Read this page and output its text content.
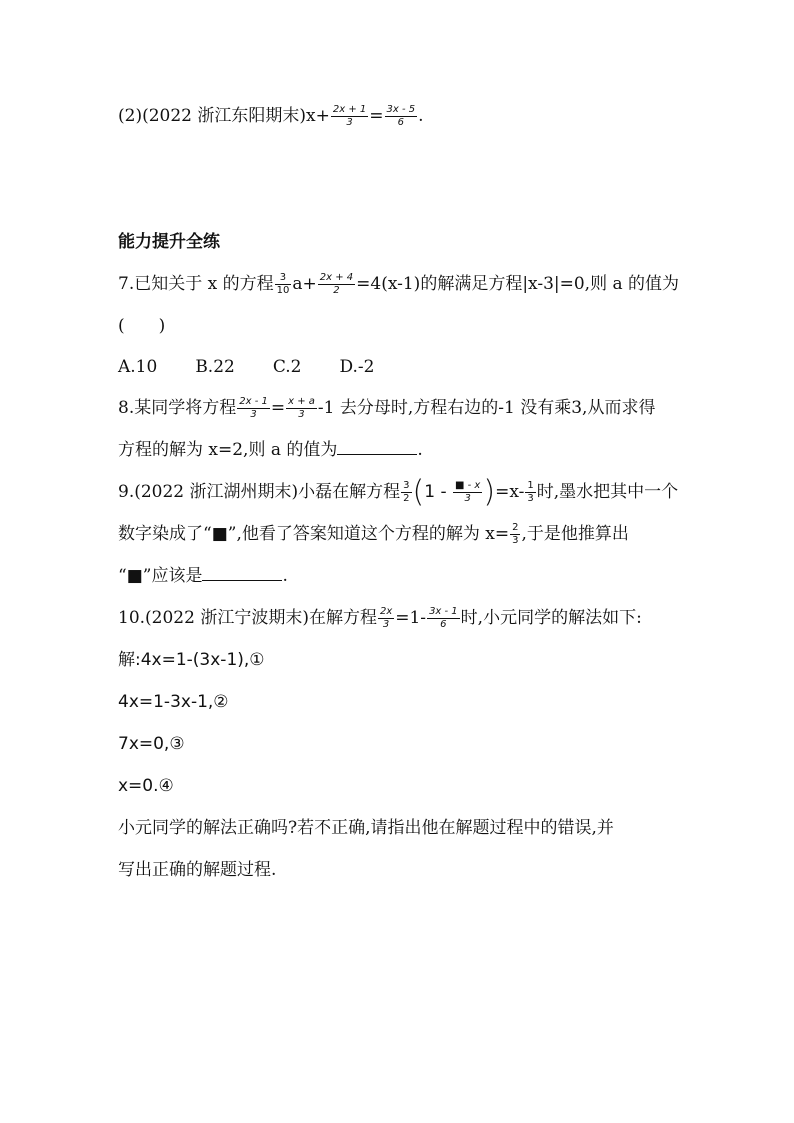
(2)(2022 浙江东阳期末)$x+ \frac{2x + 1}{3} = \frac{3x - 5}{6}$ .
能力提升全练
7.已知关于 x 的方程 $\frac{3}{10} a+ \frac{2x + 4}{2} =4(x-1)$的解满足方程|x-3|=0,则 a 的值为
(　　)
A.10 B.22 C.2 D.-2
8.某同学将方程 $\frac{2x - 1}{3} = \frac{x + a}{3} -1$ 去分母时,方程右边的-1 没有乘3,从而求得
方程的解为 x=2,则 a 的值为	.
9.(2022 浙江湖州期末)小磊在解方程 $\frac{3}{2} (1 - \frac{■ - x}{3} )=x- \frac{1}{3}$ 时,墨水把其中一个
数字染成了“■”,他看了答案知道这个方程的解为 $x= \frac{2}{3}$ ,于是他推算出
“■”应该是	.
10.(2022 浙江宁波期末)在解方程 $\frac{2x}{3} =1- \frac{3x - 1}{6}$ 时,小元同学的解法如下:
解:4x=1-(3x-1),①
4x=1-3x-1,②
7x=0,③
x=0.④
小元同学的解法正确吗?若不正确,请指出他在解题过程中的错误,并
写出正确的解题过程.
